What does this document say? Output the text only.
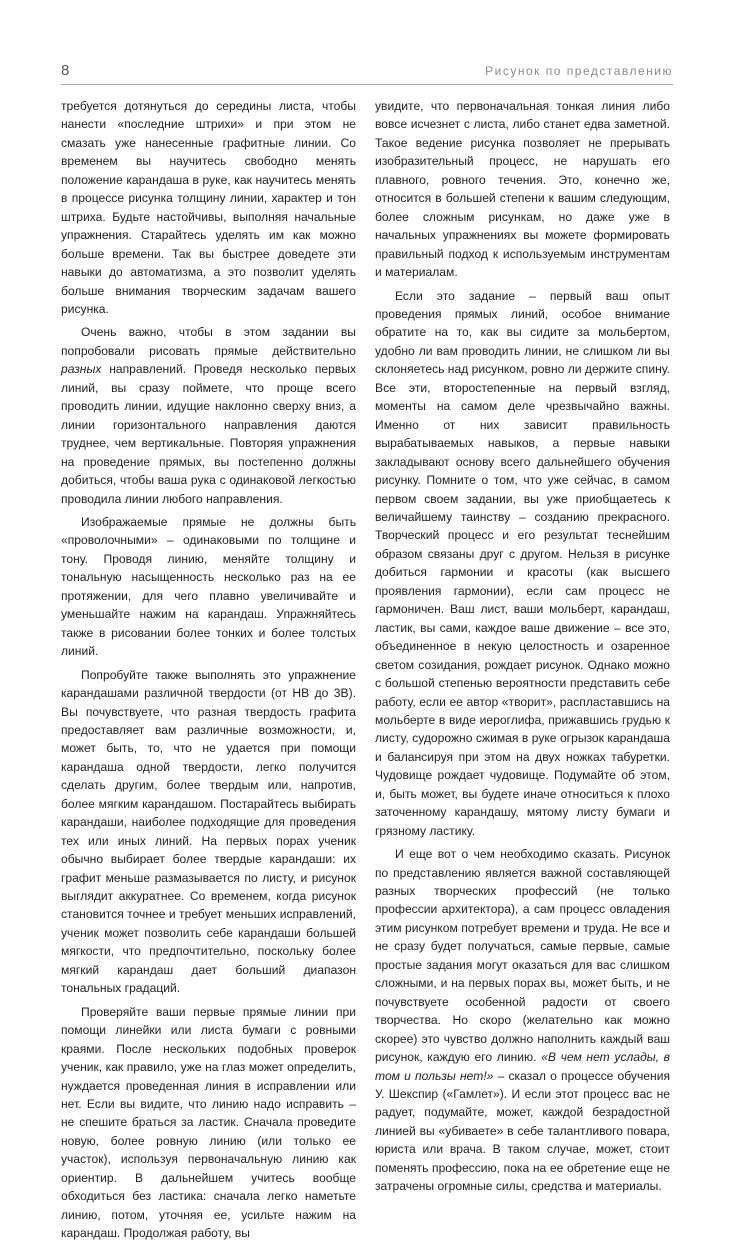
8	Рисунок по представлению

требуется дотянуться до середины листа, чтобы нанести «последние штрихи» и при этом не смазать уже нанесенные графитные линии. Со временем вы научитесь свободно менять положение карандаша в руке, как научитесь менять в процессе рисунка толщину линии, характер и тон штриха. Будьте настойчивы, выполняя начальные упражнения. Старайтесь уделять им как можно больше времени. Так вы быстрее доведете эти навыки до автоматизма, а это позволит уделять больше внимания творческим задачам вашего рисунка.

Очень важно, чтобы в этом задании вы попробовали рисовать прямые действительно разных направлений. Проведя несколько первых линий, вы сразу поймете, что проще всего проводить линии, идущие наклонно сверху вниз, а линии горизонтального направления даются труднее, чем вертикальные. Повторяя упражнения на проведение прямых, вы постепенно должны добиться, чтобы ваша рука с одинаковой легкостью проводила линии любого направления.

Изображаемые прямые не должны быть «проволочными» – одинаковыми по толщине и тону. Проводя линию, меняйте толщину и тональную насыщенность несколько раз на ее протяжении, для чего плавно увеличивайте и уменьшайте нажим на карандаш. Упражняйтесь также в рисовании более тонких и более толстых линий.

Попробуйте также выполнять это упражнение карандашами различной твердости (от НВ до 3В). Вы почувствуете, что разная твердость графита предоставляет вам различные возможности, и, может быть, то, что не удается при помощи карандаша одной твердости, легко получится сделать другим, более твердым или, напротив, более мягким карандашом. Постарайтесь выбирать карандаши, наиболее подходящие для проведения тех или иных линий. На первых порах ученик обычно выбирает более твердые карандаши: их графит меньше размазывается по листу, и рисунок выглядит аккуратнее. Со временем, когда рисунок становится точнее и требует меньших исправлений, ученик может позволить себе карандаши большей мягкости, что предпочтительно, поскольку более мягкий карандаш дает больший диапазон тональных градаций.

Проверяйте ваши первые прямые линии при помощи линейки или листа бумаги с ровными краями. После нескольких подобных проверок ученик, как правило, уже на глаз может определить, нуждается проведенная линия в исправлении или нет. Если вы видите, что линию надо исправить – не спешите браться за ластик. Сначала проведите новую, более ровную линию (или только ее участок), используя первоначальную линию как ориентир. В дальнейшем учитесь вообще обходиться без ластика: сначала легко наметьте линию, потом, уточняя ее, усильте нажим на карандаш. Продолжая работу, вы

увидите, что первоначальная тонкая линия либо вовсе исчезнет с листа, либо станет едва заметной. Такое ведение рисунка позволяет не прерывать изобразительный процесс, не нарушать его плавного, ровного течения. Это, конечно же, относится в большей степени к вашим следующим, более сложным рисункам, но даже уже в начальных упражнениях вы можете формировать правильный подход к используемым инструментам и материалам.

Если это задание – первый ваш опыт проведения прямых линий, особое внимание обратите на то, как вы сидите за мольбертом, удобно ли вам проводить линии, не слишком ли вы склоняетесь над рисунком, ровно ли держите спину. Все эти, второстепенные на первый взгляд, моменты на самом деле чрезвычайно важны. Именно от них зависит правильность вырабатываемых навыков, а первые навыки закладывают основу всего дальнейшего обучения рисунку. Помните о том, что уже сейчас, в самом первом своем задании, вы уже приобщаетесь к величайшему таинству – созданию прекрасного. Творческий процесс и его результат теснейшим образом связаны друг с другом. Нельзя в рисунке добиться гармонии и красоты (как высшего проявления гармонии), если сам процесс не гармоничен. Ваш лист, ваши мольберт, карандаш, ластик, вы сами, каждое ваше движение – все это, объединенное в некую целостность и озаренное светом созидания, рождает рисунок. Однако можно с большой степенью вероятности представить себе работу, если ее автор «творит», распластавшись на мольберте в виде иероглифа, прижавшись грудью к листу, судорожно сжимая в руке огрызок карандаша и балансируя при этом на двух ножках табуретки. Чудовище рождает чудовище. Подумайте об этом, и, быть может, вы будете иначе относиться к плохо заточенному карандашу, мятому листу бумаги и грязному ластику.

И еще вот о чем необходимо сказать. Рисунок по представлению является важной составляющей разных творческих профессий (не только профессии архитектора), а сам процесс овладения этим рисунком потребует времени и труда. Не все и не сразу будет получаться, самые первые, самые простые задания могут оказаться для вас слишком сложными, и на первых порах вы, может быть, и не почувствуете особенной радости от своего творчества. Но скоро (желательно как можно скорее) это чувство должно наполнить каждый ваш рисунок, каждую его линию. «В чем нет услады, в том и пользы нет!» – сказал о процессе обучения У. Шекспир («Гамлет»). И если этот процесс вас не радует, подумайте, может, каждой безрадостной линией вы «убиваете» в себе талантливого повара, юриста или врача. В таком случае, может, стоит поменять профессию, пока на ее обретение еще не затрачены огромные силы, средства и материалы.
